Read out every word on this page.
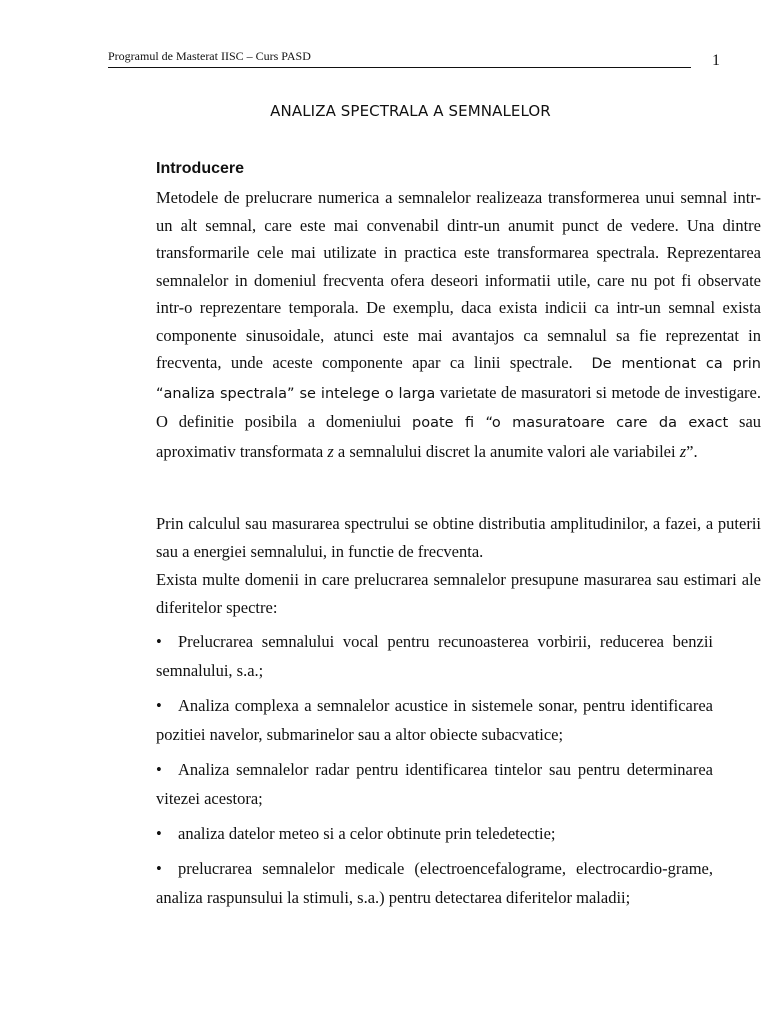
Programul de Masterat IISC – Curs PASD	1
ANALIZA SPECTRALA A SEMNALELOR
Introducere

Metodele de prelucrare numerica a semnalelor realizeaza transformerea unui semnal intr-un alt semnal, care este mai convenabil dintr-un anumit punct de vedere. Una dintre transformarile cele mai utilizate in practica este transformarea spectrala. Reprezentarea semnalelor in domeniul frecventa ofera deseori informatii utile, care nu pot fi observate intr-o reprezentare temporala. De exemplu, daca exista indicii ca intr-un semnal exista componente sinusoidale, atunci este mai avantajos ca semnalul sa fie reprezentat in frecventa, unde aceste componente apar ca linii spectrale. De mentionat ca prin “analiza spectrala” se intelege o larga varietate de masuratori si metode de investigare. O definitie posibila a domeniului poate fi “o masuratoare care da exact sau aproximativ transformata z a semnalului discret la anumite valori ale variabilei z”.

Prin calculul sau masurarea spectrului se obtine distributia amplitudinilor, a fazei, a puterii sau a energiei semnalului, in functie de frecventa.

Exista multe domenii in care prelucrarea semnalelor presupune masurarea sau estimari ale diferitelor spectre:

• Prelucrarea semnalului vocal pentru recunoasterea vorbirii, reducerea benzii semnalului, s.a.;
• Analiza complexa a semnalelor acustice in sistemele sonar, pentru identificarea pozitiei navelor, submarinelor sau a altor obiecte subacvatice;
• Analiza semnalelor radar pentru identificarea tintelor sau pentru determinarea vitezei acestora;
• analiza datelor meteo si a celor obtinute prin teledetectie;
• prelucrarea semnalelor medicale (electroencefalograme, electrocardio-grame, analiza raspunsului la stimuli, s.a.) pentru detectarea diferitelor maladii;
